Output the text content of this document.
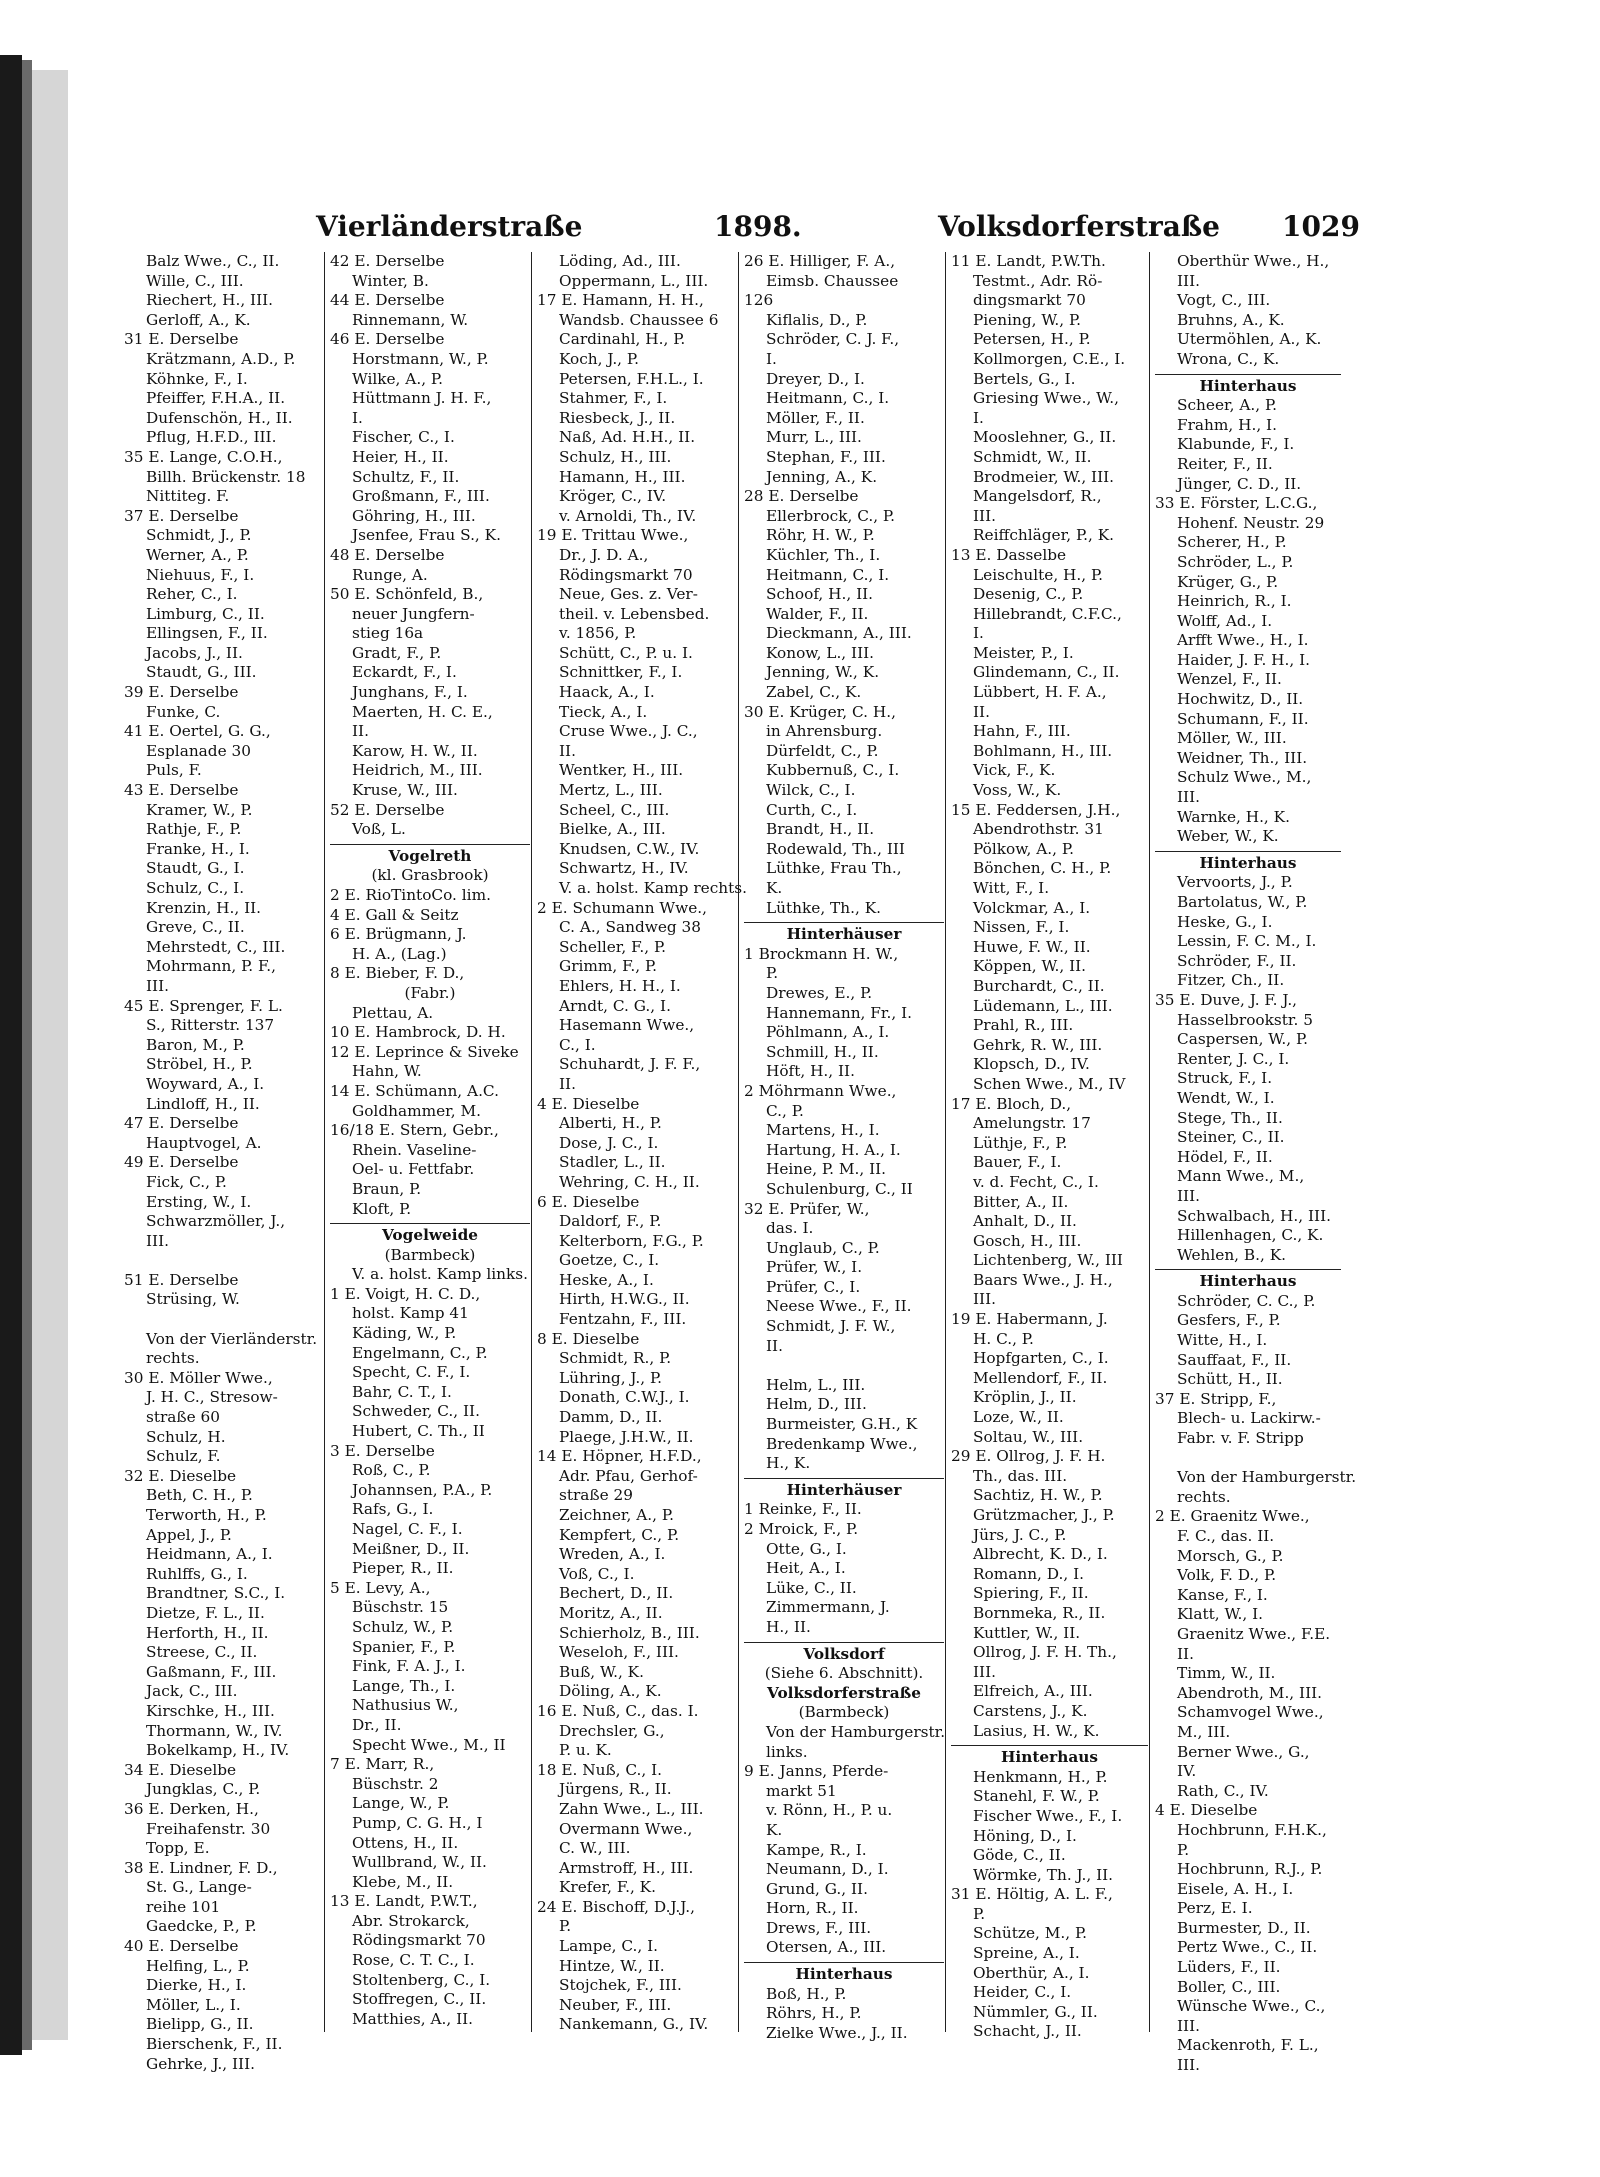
Vierländerstraße	1898.	Volksdorferstraße 1029
Balz Wwe., C., II.
Wille, C., III.
Riechert, H., III.
Gerloff, A., K.
31 E. Derselbe
Krätzmann, A.D., P.
Köhnke, F., I.
Pfeiffer, F.H.A., II.
Dufenschön, H., II.
Pflug, H.F.D., III.
35 E. Lange, C.O.H.,
Billh. Brückenstr. 18
Nittiteg. F.
37 E. Derselbe
Schmidt, J., P.
Werner, A., P.
Niehuus, F., I.
Reher, C., I.
Limburg, C., II.
Ellingsen, F., II.
Jacobs, J., II.
Staudt, G., III.
39 E. Derselbe
Funke, C.
41 E. Oertel, G. G.,
Esplanade 30
Puls, F.
43 E. Derselbe
Kramer, W., P.
Rathje, F., P.
Franke, H., I.
Staudt, G., I.
Schulz, C., I.
Krenzin, H., II.
Greve, C., II.
Mehrstedt, C., III.
Mohrmann, P. F.,
III.
45 E. Sprenger, F. L.
S., Ritterstr. 137
Baron, M., P.
Ströbel, H., P.
Woyward, A., I.
Lindloff, H., II.
47 E. Derselbe
Hauptvogel, A.
49 E. Derselbe
Fick, C., P.
Ersting, W., I.
Schwarzmöller, J.,
III.

51 E. Derselbe
Strüsing, W.

Von der Vierländerstr.
rechts.
30 E. Möller Wwe.,
J. H. C., Stresow-
straße 60
Schulz, H.
Schulz, F.
32 E. Dieselbe
Beth, C. H., P.
Terworth, H., P.
Appel, J., P.
Heidmann, A., I.
Ruhlffs, G., I.
Brandtner, S.C., I.
Dietze, F. L., II.
Herforth, H., II.
Streese, C., II.
Gaßmann, F., III.
Jack, C., III.
Kirschke, H., III.
Thormann, W., IV.
Bokelkamp, H., IV.
34 E. Dieselbe
Jungklas, C., P.
36 E. Derken, H.,
Freihafenstr. 30
Topp, E.
38 E. Lindner, F. D.,
St. G., Lange-
reihe 101
Gaedcke, P., P.
40 E. Derselbe
Helfing, L., P.
Dierke, H., I.
Möller, L., I.
Bielipp, G., II.
Bierschenk, F., II.
Gehrke, J., III.
42 E. Derselbe
Winter, B.
44 E. Derselbe
Rinnemann, W.
46 E. Derselbe
Horstmann, W., P.
Wilke, A., P.
Hüttmann J. H. F.,
I.
Fischer, C., I.
Heier, H., II.
Schultz, F., II.
Großmann, F., III.
Göhring, H., III.
Jsenfee, Frau S., K.
48 E. Derselbe
Runge, A.
50 E. Schönfeld, B.,
neuer Jungfern-
stieg 16a
Gradt, F., P.
Eckardt, F., I.
Junghans, F., I.
Maerten, H. C. E.,
II.
Karow, H. W., II.
Heidrich, M., III.
Kruse, W., III.
52 E. Derselbe
Voß, L.
Vogelreth
(kl. Grasbrook)
2 E. RioTintoCo. lim.
4 E. Gall & Seitz
6 E. Brügmann, J.
H. A., (Lag.)
8 E. Bieber, F. D.,
(Fabr.)
Plettau, A.
10 E. Hambrock, D. H.
12 E. Leprince & Siveke
Hahn, W.
14 E. Schümann, A.C.
Goldhammer, M.
16/18 E. Stern, Gebr.,
Rhein. Vaseline-
Oel- u. Fettfabr.
Braun, P.
Kloft, P.
Vogelweide
(Barmbeck)
V. a. holst. Kamp links.
1 E. Voigt, H. C. D.,
holst. Kamp 41
Käding, W., P.
Engelmann, C., P.
Specht, C. F., I.
Bahr, C. T., I.
Schweder, C., II.
Hubert, C. Th., II
3 E. Derselbe
Roß, C., P.
Johannsen, P.A., P.
Rafs, G., I.
Nagel, C. F., I.
Meißner, D., II.
Pieper, R., II.
5 E. Levy, A.,
Büschstr. 15
Schulz, W., P.
Spanier, F., P.
Fink, F. A. J., I.
Lange, Th., I.
Nathusius W.,
Dr., II.
Specht Wwe., M., II
7 E. Marr, R.,
Büschstr. 2
Lange, W., P.
Pump, C. G. H., I
Ottens, H., II.
Wullbrand, W., II.
Klebe, M., II.
13 E. Landt, P.W.T.,
Abr. Strokarck,
Rödingsmarkt 70
Rose, C. T. C., I.
Stoltenberg, C., I.
Stoffregen, C., II.
Matthies, A., II.
Löding, Ad., III.
Oppermann, L., III.
17 E. Hamann, H. H.,
Wandsb. Chaussee 6
Cardinahl, H., P.
Koch, J., P.
Petersen, F.H.L., I.
Stahmer, F., I.
Riesbeck, J., II.
Naß, Ad. H.H., II.
Schulz, H., III.
Hamann, H., III.
Kröger, C., IV.
v. Arnoldi, Th., IV.
19 E. Trittau Wwe.,
Dr., J. D. A.,
Rödingsmarkt 70
Neue, Ges. z. Ver-
theil. v. Lebensbed.
v. 1856, P.
Schütt, C., P. u. I.
Schnittker, F., I.
Haack, A., I.
Tieck, A., I.
Cruse Wwe., J. C.,
II.
Wentker, H., III.
Mertz, L., III.
Scheel, C., III.
Bielke, A., III.
Knudsen, C.W., IV.
Schwartz, H., IV.
V. a. holst. Kamp rechts.
2 E. Schumann Wwe.,
C. A., Sandweg 38
Scheller, F., P.
Grimm, F., P.
Ehlers, H. H., I.
Arndt, C. G., I.
Hasemann Wwe.,
C., I.
Schuhardt, J. F. F.,
II.
4 E. Dieselbe
Alberti, H., P.
Dose, J. C., I.
Stadler, L., II.
Wehring, C. H., II.
6 E. Dieselbe
Daldorf, F., P.
Kelterborn, F.G., P.
Goetze, C., I.
Heske, A., I.
Hirth, H.W.G., II.
Fentzahn, F., III.
8 E. Dieselbe
Schmidt, R., P.
Lühring, J., P.
Donath, C.W.J., I.
Damm, D., II.
Plaege, J.H.W., II.
14 E. Höpner, H.F.D.,
Adr. Pfau, Gerhof-
straße 29
Zeichner, A., P.
Kempfert, C., P.
Wreden, A., I.
Voß, C., I.
Bechert, D., II.
Moritz, A., II.
Schierholz, B., III.
Weseloh, F., III.
Buß, W., K.
Döling, A., K.
16 E. Nuß, C., das. I.
Drechsler, G.,
P. u. K.
18 E. Nuß, C., I.
Jürgens, R., II.
Zahn Wwe., L., III.
Overmann Wwe.,
C. W., III.
Armstroff, H., III.
Krefer, F., K.
24 E. Bischoff, D.J.J.,
P.
Lampe, C., I.
Hintze, W., II.
Stojchek, F., III.
Neuber, F., III.
Nankemann, G., IV.
26 E. Hilliger, F. A.,
Eimsb. Chaussee
126
Kiflalis, D., P.
Schröder, C. J. F.,
I.
Dreyer, D., I.
Heitmann, C., I.
Möller, F., II.
Murr, L., III.
Stephan, F., III.
Jenning, A., K.
28 E. Derselbe
Ellerbrock, C., P.
Röhr, H. W., P.
Küchler, Th., I.
Heitmann, C., I.
Schoof, H., II.
Walder, F., II.
Dieckmann, A., III.
Konow, L., III.
Jenning, W., K.
Zabel, C., K.
30 E. Krüger, C. H.,
in Ahrensburg.
Dürfeldt, C., P.
Kubbernuß, C., I.
Wilck, C., I.
Curth, C., I.
Brandt, H., II.
Rodewald, Th., III
Lüthke, Frau Th.,
K.
Lüthke, Th., K.
Hinterhäuser
1 Brockmann H. W.,
P.
Drewes, E., P.
Hannemann, Fr., I.
Pöhlmann, A., I.
Schmill, H., II.
Höft, H., II.
2 Möhrmann Wwe.,
C., P.
Martens, H., I.
Hartung, H. A., I.
Heine, P. M., II.
Schulenburg, C., II
32 E. Prüfer, W.,
das. I.
Unglaub, C., P.
Prüfer, W., I.
Prüfer, C., I.
Neese Wwe., F., II.
Schmidt, J. F. W.,
II.

Helm, L., III.
Helm, D., III.
Burmeister, G.H., K
Bredenkamp Wwe.,
H., K.
Hinterhäuser
1 Reinke, F., II.
2 Mroick, F., P.
Otte, G., I.
Heit, A., I.
Lüke, C., II.
Zimmermann, J.
H., II.
Volksdorf
(Siehe 6. Abschnitt).
Volksdorferstraße
(Barmbeck)
Von der Hamburgerstr.
links.
9 E. Janns, Pferde-
markt 51
v. Rönn, H., P. u.
K.
Kampe, R., I.
Neumann, D., I.
Grund, G., II.
Horn, R., II.
Drews, F., III.
Otersen, A., III.
Hinterhaus
Boß, H., P.
Röhrs, H., P.
Zielke Wwe., J., II.
11 E. Landt, P.W.Th.
Testmt., Adr. Rö-
dingsmarkt 70
Piening, W., P.
Petersen, H., P.
Kollmorgen, C.E., I.
Bertels, G., I.
Griesing Wwe., W.,
I.
Mooslehner, G., II.
Schmidt, W., II.
Brodmeier, W., III.
Mangelsdorf, R.,
III.
Reiffchläger, P., K.
13 E. Dasselbe
Leischulte, H., P.
Desenig, C., P.
Hillebrandt, C.F.C.,
I.
Meister, P., I.
Glindemann, C., II.
Lübbert, H. F. A.,
II.
Hahn, F., III.
Bohlmann, H., III.
Vick, F., K.
Voss, W., K.
15 E. Feddersen, J.H.,
Abendrothstr. 31
Pölkow, A., P.
Bönchen, C. H., P.
Witt, F., I.
Volckmar, A., I.
Nissen, F., I.
Huwe, F. W., II.
Köppen, W., II.
Burchardt, C., II.
Lüdemann, L., III.
Prahl, R., III.
Gehrk, R. W., III.
Klopsch, D., IV.
Schen Wwe., M., IV
17 E. Bloch, D.,
Amelungstr. 17
Lüthje, F., P.
Bauer, F., I.
v. d. Fecht, C., I.
Bitter, A., II.
Anhalt, D., II.
Gosch, H., III.
Lichtenberg, W., III
Baars Wwe., J. H.,
III.
19 E. Habermann, J.
H. C., P.
Hopfgarten, C., I.
Mellendorf, F., II.
Kröplin, J., II.
Loze, W., II.
Soltau, W., III.
29 E. Ollrog, J. F. H.
Th., das. III.
Sachtiz, H. W., P.
Grützmacher, J., P.
Jürs, J. C., P.
Albrecht, K. D., I.
Romann, D., I.
Spiering, F., II.
Bornmeka, R., II.
Kuttler, W., II.
Ollrog, J. F. H. Th.,
III.
Elfreich, A., III.
Carstens, J., K.
Lasius, H. W., K.
Hinterhaus
Henkmann, H., P.
Stanehl, F. W., P.
Fischer Wwe., F., I.
Höning, D., I.
Göde, C., II.
Wörmke, Th. J., II.
31 E. Höltig, A. L. F.,
P.
Schütze, M., P.
Spreine, A., I.
Oberthür, A., I.
Heider, C., I.
Nümmler, G., II.
Schacht, J., II.
Oberthür Wwe., H.,
III.
Vogt, C., III.
Bruhns, A., K.
Utermöhlen, A., K.
Wrona, C., K.
Hinterhaus
Scheer, A., P.
Frahm, H., I.
Klabunde, F., I.
Reiter, F., II.
Jünger, C. D., II.
33 E. Förster, L.C.G.,
Hohenf. Neustr. 29
Scherer, H., P.
Schröder, L., P.
Krüger, G., P.
Heinrich, R., I.
Wolff, Ad., I.
Arfft Wwe., H., I.
Haider, J. F. H., I.
Wenzel, F., II.
Hochwitz, D., II.
Schumann, F., II.
Möller, W., III.
Weidner, Th., III.
Schulz Wwe., M.,
III.
Warnke, H., K.
Weber, W., K.
Hinterhaus
Vervoorts, J., P.
Bartolatus, W., P.
Heske, G., I.
Lessin, F. C. M., I.
Schröder, F., II.
Fitzer, Ch., II.
35 E. Duve, J. F. J.,
Hasselbrookstr. 5
Caspersen, W., P.
Renter, J. C., I.
Struck, F., I.
Wendt, W., I.
Stege, Th., II.
Steiner, C., II.
Hödel, F., II.
Mann Wwe., M.,
III.
Schwalbach, H., III.
Hillenhagen, C., K.
Wehlen, B., K.
Hinterhaus
Schröder, C. C., P.
Gesfers, F., P.
Witte, H., I.
Sauffaat, F., II.
Schütt, H., II.
37 E. Stripp, F.,
Blech- u. Lackirw.-
Fabr. v. F. Stripp

Von der Hamburgerstr.
rechts.
2 E. Graenitz Wwe.,
F. C., das. II.
Morsch, G., P.
Volk, F. D., P.
Kanse, F., I.
Klatt, W., I.
Graenitz Wwe., F.E.
II.
Timm, W., II.
Abendroth, M., III.
Schamvogel Wwe.,
M., III.
Berner Wwe., G.,
IV.
Rath, C., IV.
4 E. Dieselbe
Hochbrunn, F.H.K.,
P.
Hochbrunn, R.J., P.
Eisele, A. H., I.
Perz, E. I.
Burmester, D., II.
Pertz Wwe., C., II.
Lüders, F., II.
Boller, C., III.
Wünsche Wwe., C.,
III.
Mackenroth, F. L.,
III.
